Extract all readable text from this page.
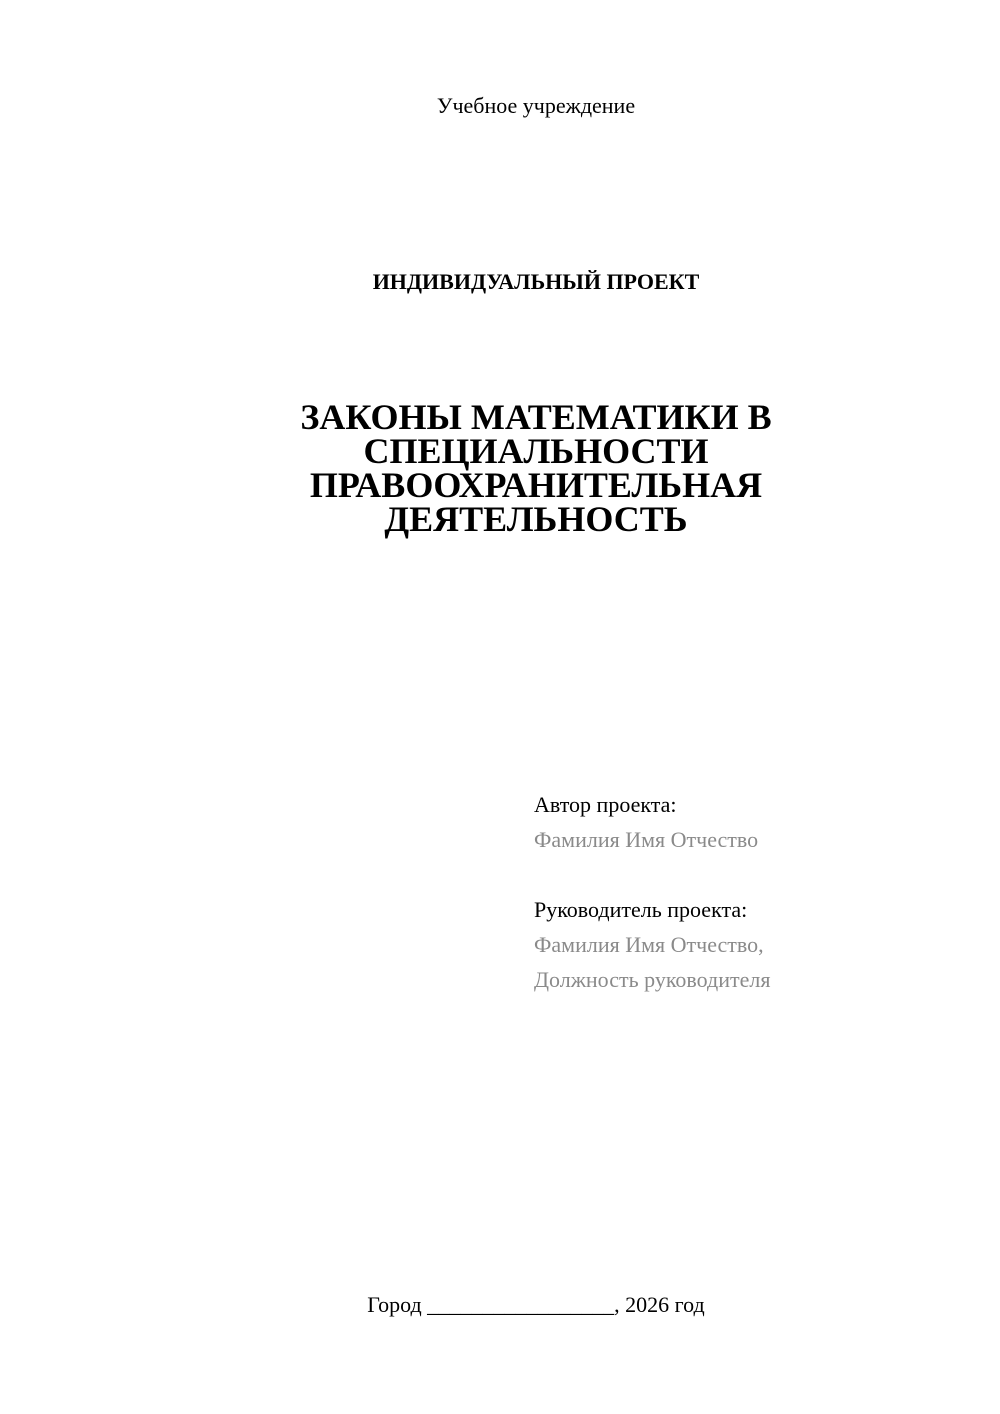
Учебное учреждение
ИНДИВИДУАЛЬНЫЙ ПРОЕКТ
ЗАКОНЫ МАТЕМАТИКИ В
СПЕЦИАЛЬНОСТИ
ПРАВООХРАНИТЕЛЬНАЯ
ДЕЯТЕЛЬНОСТЬ
Автор проекта:
Фамилия Имя Отчество
Руководитель проекта:
Фамилия Имя Отчество,
Должность руководителя
Город _________________, 2026 год
